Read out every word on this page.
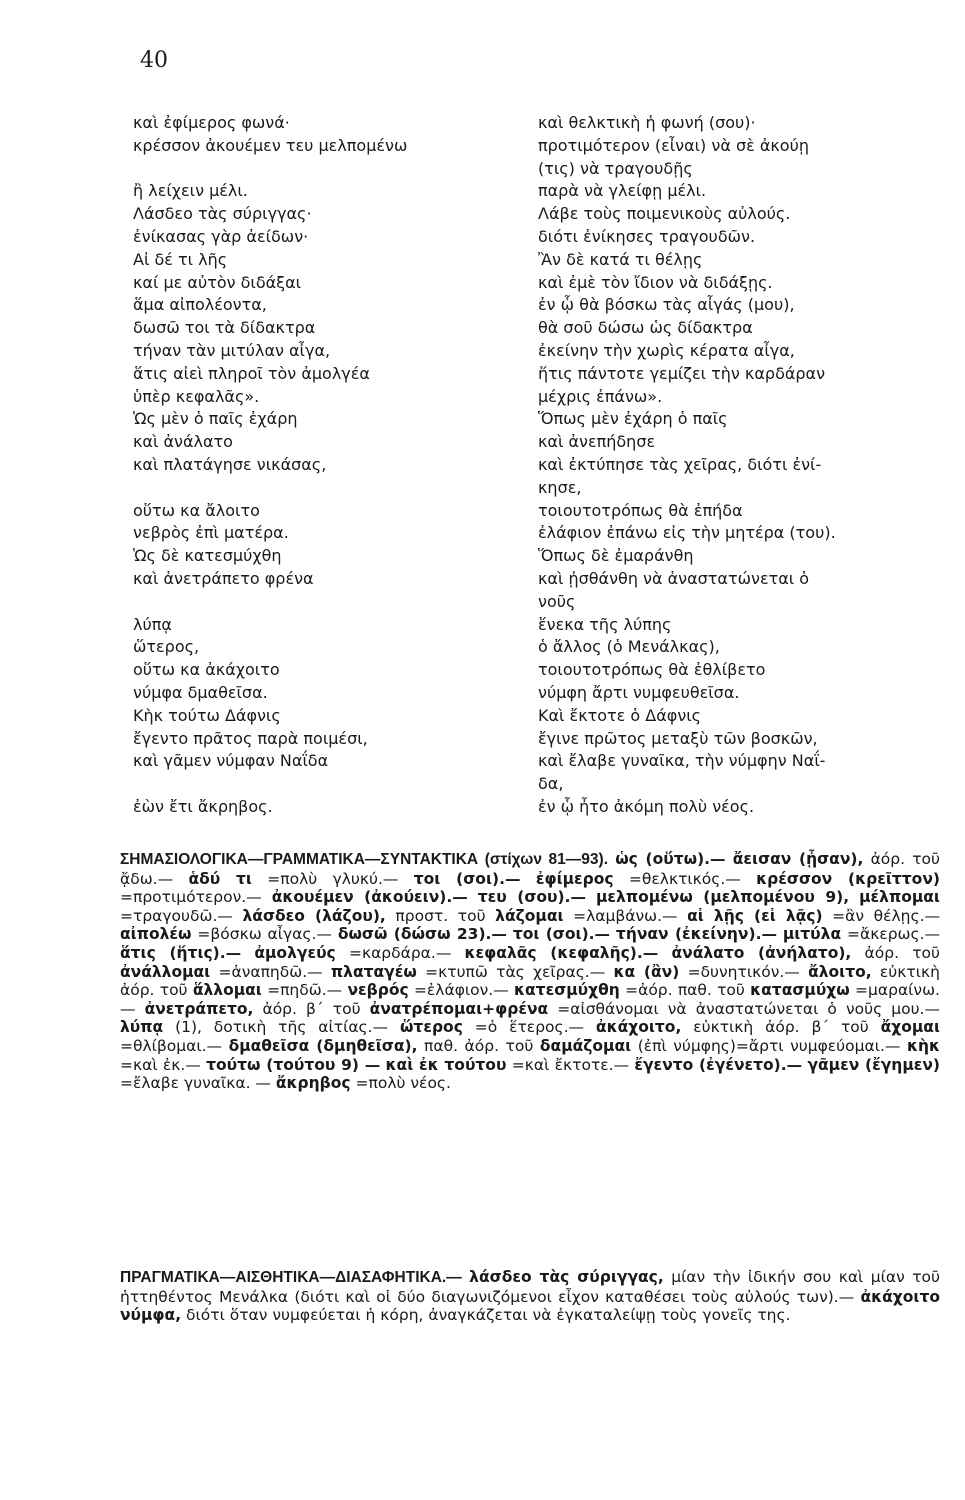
40
καὶ ἐφίμερος φωνά·
κρέσσον ἀκουέμεν τευ μελπομένω
ἢ λείχειν μέλι.
Λάσδεο τὰς σύριγγας·
ἐνίκασας γὰρ ἀείδων·
Αἰ δέ τι λῆς
καί με αὐτὸν διδάξαι
ἅμα αἰπολέοντα,
δωσῶ τοι τὰ δίδακτρα
τήναν τὰν μιτύλαν αἶγα,
ἅτις αἰεὶ πληροῖ τὸν ἀμολγέα
ὑπὲρ κεφαλᾶς».
Ὡς μὲν ὁ παῖς ἐχάρη
καὶ ἀνάλατο
καὶ πλατάγησε νικάσας,
οὕτω κα ἄλοιτο
νεβρὸς ἐπὶ ματέρα.
Ὡς δὲ κατεσμύχθη
καὶ ἀνετράπετο φρένα
λύπᾳ
ὥτερος,
οὕτω κα ἀκάχοιτο
νύμφα δμαθεῖσα.
Κὴκ τούτω Δάφνις
ἔγεντο πρᾶτος παρὰ ποιμέσι,
καὶ γᾶμεν νύμφαν Ναΐδα
ἐὼν ἔτι ἄκρηβος.
καὶ θελκτικὴ ἡ φωνή (σου)·
προτιμότερον (εἶναι) νὰ σὲ ἀκούῃ
(τις) νὰ τραγουδῇς
παρὰ νὰ γλείφῃ μέλι.
Λάβε τοὺς ποιμενικοὺς αὐλούς.
διότι ἐνίκησες τραγουδῶν.
Ἂν δὲ κατά τι θέλῃς
καὶ ἐμὲ τὸν ἴδιον νὰ διδάξῃς.
ἐν ᾧ θὰ βόσκω τὰς αἶγάς (μου),
θὰ σοῦ δώσω ὡς δίδακτρα
ἐκείνην τὴν χωρὶς κέρατα αἶγα,
ἥτις πάντοτε γεμίζει τὴν καρδάραν
μέχρις ἐπάνω».
Ὅπως μὲν ἐχάρη ὁ παῖς
καὶ ἀνεπήδησε
καὶ ἐκτύπησε τὰς χεῖρας, διότι ἐνί-
κησε,
τοιουτοτρόπως θὰ ἐπήδα
ἐλάφιον ἐπάνω εἰς τὴν μητέρα (του).
Ὅπως δὲ ἐμαράνθη
καὶ ᾐσθάνθη νὰ ἀναστατώνεται ὁ
νοῦς
ἕνεκα τῆς λύπης
ὁ ἄλλος (ὁ Μενάλκας),
τοιουτοτρόπως θὰ ἐθλίβετο
νύμφη ἄρτι νυμφευθεῖσα.
Καὶ ἔκτοτε ὁ Δάφνις
ἔγινε πρῶτος μεταξὺ τῶν βοσκῶν,
καὶ ἔλαβε γυναῖκα, τὴν νύμφην Ναΐ-
δα,
ἐν ᾧ ἦτο ἀκόμη πολὺ νέος.
ΣΗΜΑΣΙΟΛΟΓΙΚΑ—ΓΡΑΜΜΑΤΙΚΑ—ΣΥΝΤΑΚΤΙΚΑ (στίχων 81—93). ὡς (οὕτω).— ἄεισαν (ᾖσαν), ἀόρ. τοῦ ᾄδω.— ἁδύ τι =πολὺ γλυκύ.— τοι (σοι).— ἐφίμερος =θελκτικός.— κρέσσον (κρεῖττον) =προτιμότερον.— ἀκουέμεν (ἀκούειν).— τευ (σου).— μελπομένω (μελπομένου 9), μέλπομαι =τραγουδῶ.— λάσδεο (λάζου), προστ. τοῦ λάζομαι =λαμβάνω.— αἰ λῇς (εἰ λᾷς) =ἂν θέλῃς.— αἰπολέω =βόσκω αἶγας.— δωσῶ (δώσω 23).— τοι (σοι).— τήναν (ἐκείνην).— μιτύλα =ἄκερως.— ἅτις (ἥτις).— ἀμολγεύς =καρδάρα.— κεφαλᾶς (κεφαλῆς).— ἀνάλατο (ἀνήλατο), ἀόρ. τοῦ ἀνάλλομαι =ἀναπηδῶ.— πλαταγέω =κτυπῶ τὰς χεῖρας.— κα (ἂν) =δυνητικόν.— ἄλοιτο, εὐκτικὴ ἀόρ. τοῦ ἅλλομαι =πηδῶ.— νεβρός =ἐλάφιον.— κατεσμύχθη =ἀόρ. παθ. τοῦ κατασμύχω =μαραίνω.— ἀνετράπετο, ἀόρ. β΄ τοῦ ἀνατρέπομαι+φρένα =αἰσθάνομαι νὰ ἀναστατώνεται ὁ νοῦς μου.— λύπᾳ (1), δοτικὴ τῆς αἰτίας.— ὥτερος =ὁ ἕτερος.— ἀκάχοιτο, εὐκτικὴ ἀόρ. β΄ τοῦ ἄχομαι =θλίβομαι.— δμαθεῖσα (δμηθεῖσα), παθ. ἀόρ. τοῦ δαμάζομαι (ἐπὶ νύμφης)=ἄρτι νυμφεύομαι.— κὴκ =καὶ ἐκ.— τούτω (τούτου 9) — καὶ ἐκ τούτου =καὶ ἔκτοτε.— ἔγεντο (ἐγένετο).— γᾶμεν (ἔγημεν) =ἔλαβε γυναῖκα. — ἄκρηβος =πολὺ νέος.
ΠΡΑΓΜΑΤΙΚΑ—ΑΙΣΘΗΤΙΚΑ—ΔΙΑΣΑΦΗΤΙΚΑ.— λάσδεο τὰς σύριγγας, μίαν τὴν ἰδικήν σου καὶ μίαν τοῦ ἡττηθέντος Μενάλκα (διότι καὶ οἱ δύο διαγωνιζόμενοι εἶχον καταθέσει τοὺς αὐλούς των).— ἀκάχοιτο νύμφα, διότι ὅταν νυμφεύεται ἡ κόρη, ἀναγκάζεται νὰ ἐγκαταλείψῃ τοὺς γονεῖς της.
